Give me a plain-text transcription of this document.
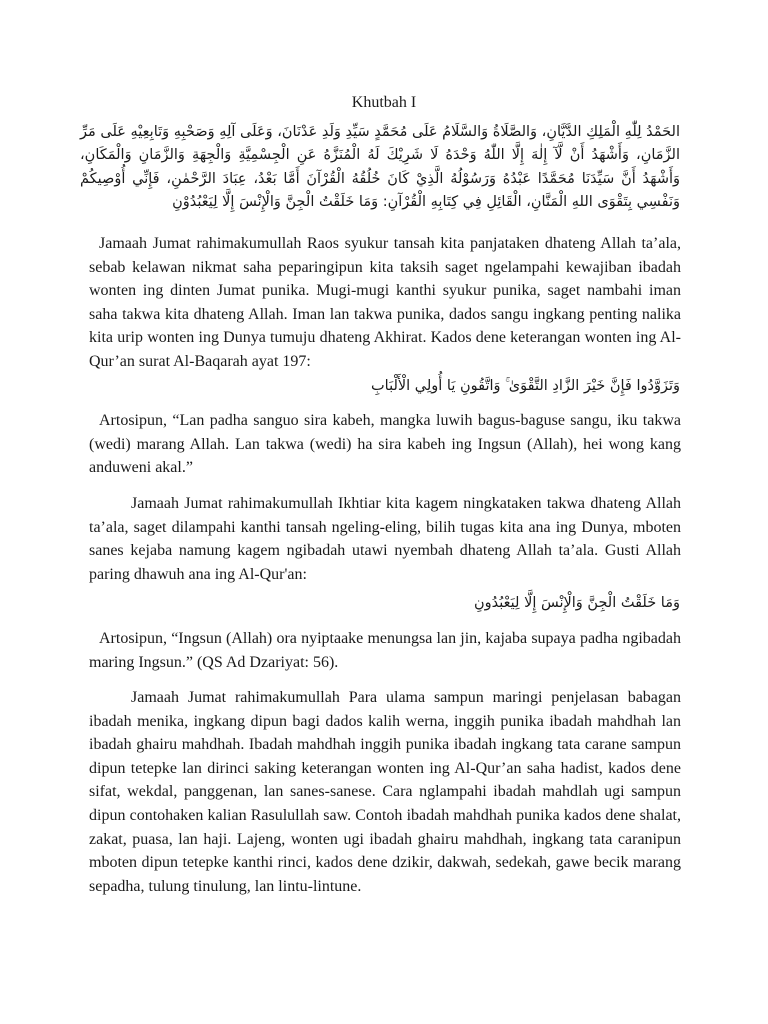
Khutbah I
الحَمْدُ لِلّٰهِ الْمَلِكِ الدَّيَّانِ، وَالصَّلَاةُ وَالسَّلَامُ عَلَى مُحَمَّدٍ سَيِّدِ وَلَدِ عَدْنَانَ، وَعَلَى آلِهِ وَصَحْبِهِ وَتَابِعِيْهِ عَلَى مَرِّ الزَّمَانِ، وَأَشْهَدُ أَنْ لَّآ إِلٰهَ إِلَّا اللّٰهُ وَحْدَهُ لَا شَرِيْكَ لَهُ الْمُنَزَّهُ عَنِ الْجِسْمِيَّةِ وَالْجِهَةِ وَالزَّمَانِ وَالْمَكَانِ، وَأَشْهَدُ أَنَّ سَيِّدَنَا مُحَمَّدًا عَبْدُهُ وَرَسُوْلُهُ الَّذِيْ كَانَ خُلُقُهُ الْقُرْآنَ أَمَّا بَعْدُ، عِبَادَ الرَّحْمٰنِ، فَإِنِّي أُوْصِيكُمْ وَنَفْسِي بِتَقْوَى اللهِ الْمَنَّانِ، الْقَائِلِ فِي كِتَابِهِ الْقُرْآنِ: وَمَا خَلَقْتُ الْجِنَّ وَالْإِنْسَ إِلَّا لِيَعْبُدُوْنِ
Jamaah Jumat rahimakumullah Raos syukur tansah kita panjataken dhateng Allah ta’ala, sebab kelawan nikmat saha peparingipun kita taksih saget ngelampahi kewajiban ibadah wonten ing dinten Jumat punika. Mugi-mugi kanthi syukur punika, saget nambahi iman saha takwa kita dhateng Allah. Iman lan takwa punika, dados sangu ingkang penting nalika kita urip wonten ing Dunya tumuju dhateng Akhirat. Kados dene keterangan wonten ing Al-Qur’an surat Al-Baqarah ayat 197:
وَتَزَوَّدُوا فَإِنَّ خَيْرَ الزَّادِ التَّقْوَىٰ ۚ وَاتَّقُونِ يَا أُولِي الْأَلْبَابِ
Artosipun, “Lan padha sanguo sira kabeh, mangka luwih bagus-baguse sangu, iku takwa (wedi) marang Allah. Lan takwa (wedi) ha sira kabeh ing Ingsun (Allah), hei wong kang anduweni akal.”
Jamaah Jumat rahimakumullah Ikhtiar kita kagem ningkataken takwa dhateng Allah ta’ala, saget dilampahi kanthi tansah ngeling-eling, bilih tugas kita ana ing Dunya, mboten sanes kejaba namung kagem ngibadah utawi nyembah dhateng Allah ta’ala. Gusti Allah paring dhawuh ana ing Al-Qur'an:
وَمَا خَلَقْتُ الْجِنَّ وَالْإِنْسَ إِلَّا لِيَعْبُدُونِ
Artosipun, “Ingsun (Allah) ora nyiptaake menungsa lan jin, kajaba supaya padha ngibadah maring Ingsun.” (QS Ad Dzariyat: 56).
Jamaah Jumat rahimakumullah Para ulama sampun maringi penjelasan babagan ibadah menika, ingkang dipun bagi dados kalih werna, inggih punika ibadah mahdhah lan ibadah ghairu mahdhah. Ibadah mahdhah inggih punika ibadah ingkang tata carane sampun dipun tetepke lan dirinci saking keterangan wonten ing Al-Qur’an saha hadist, kados dene sifat, wekdal, panggenan, lan sanes-sanese. Cara nglampahi ibadah mahdlah ugi sampun dipun contohaken kalian Rasulullah saw. Contoh ibadah mahdhah punika kados dene shalat, zakat, puasa, lan haji. Lajeng, wonten ugi ibadah ghairu mahdhah, ingkang tata caranipun mboten dipun tetepke kanthi rinci, kados dene dzikir, dakwah, sedekah, gawe becik marang sepadha, tulung tinulung, lan lintu-lintune.
